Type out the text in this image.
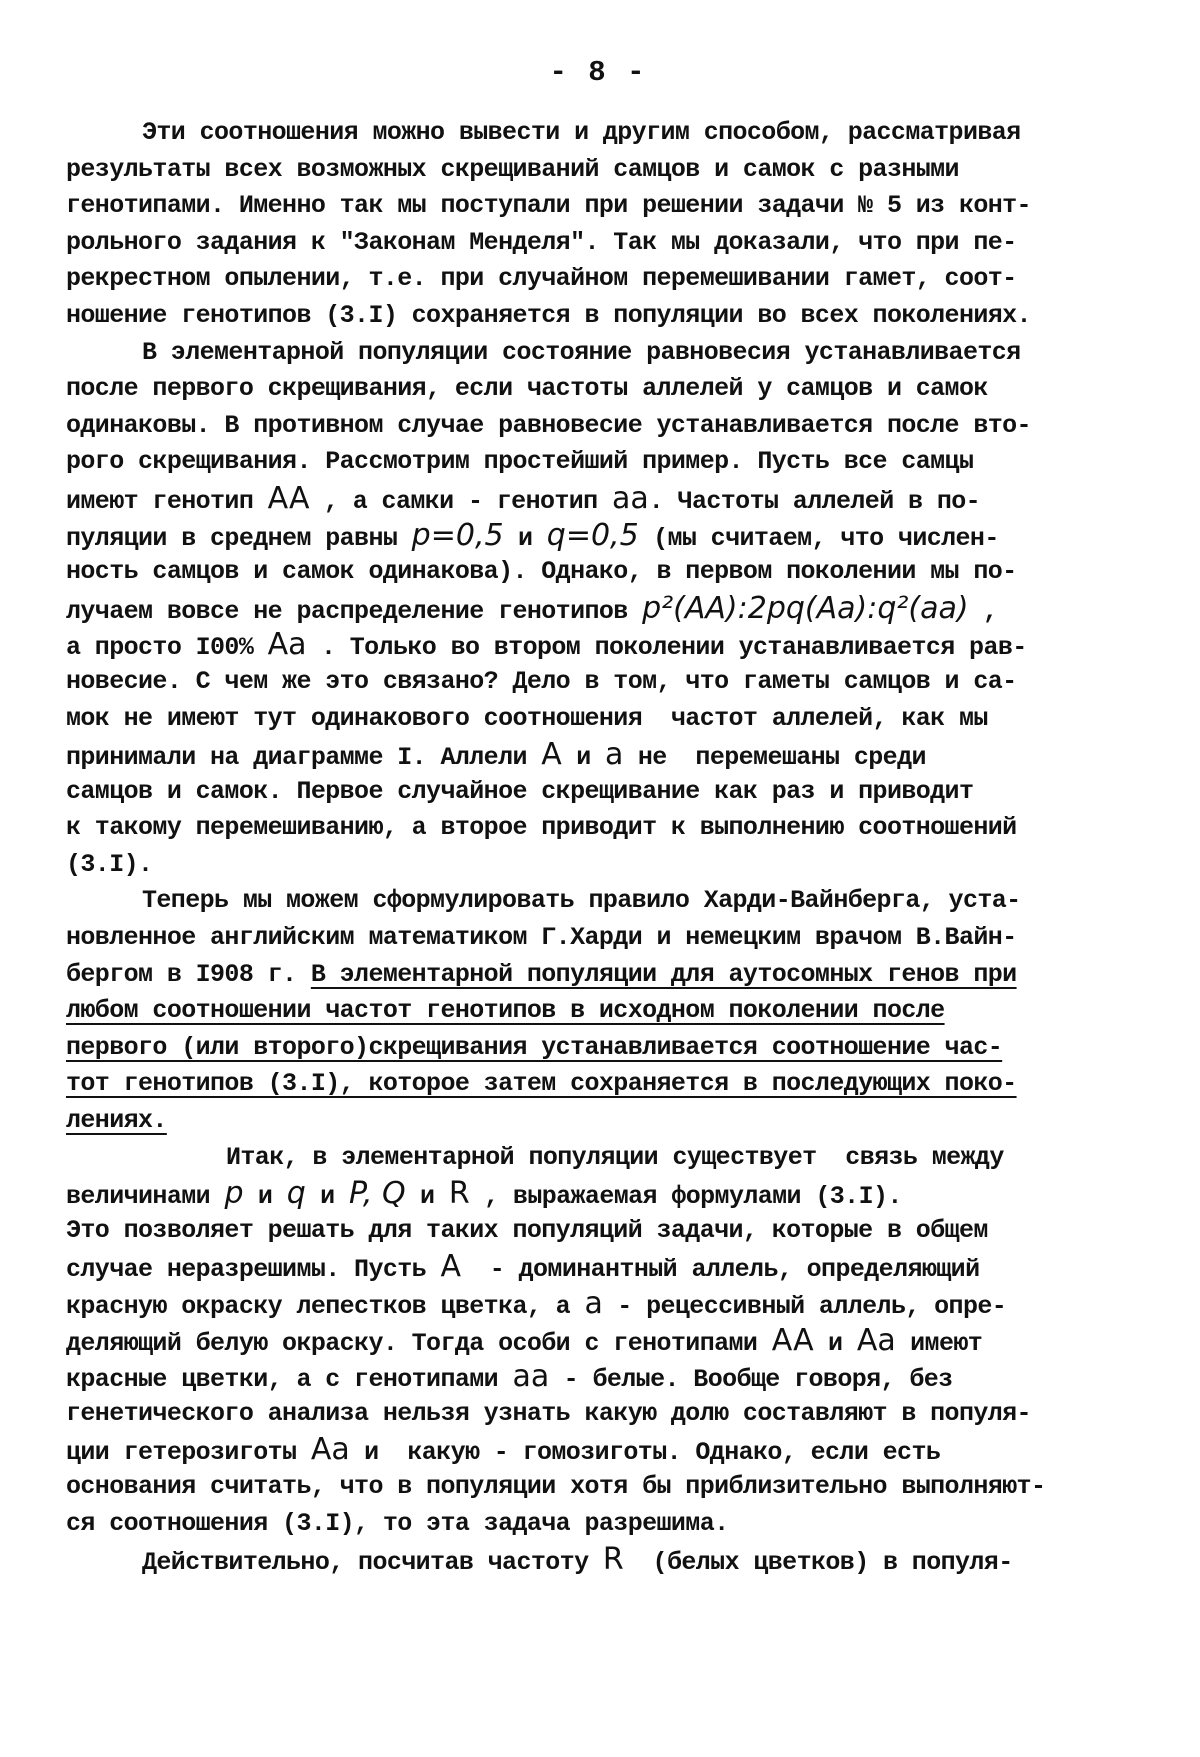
- 8 -
Эти соотношения можно вывести и другим способом, рассматривая
результаты всех возможных скрещиваний самцов и самок с разными
генотипами. Именно так мы поступали при решении задачи № 5 из конт-
рольного задания к "Законам Менделя". Так мы доказали, что при пе-
рекрестном опылении, т.е. при случайном перемешивании гамет, соот-
ношение генотипов (3.I) сохраняется в популяции во всех поколениях.
В элементарной популяции состояние равновесия устанавливается
после первого скрещивания, если частоты аллелей у самцов и самок
одинаковы. В противном случае равновесие устанавливается после вто-
рого скрещивания. Рассмотрим простейший пример. Пусть все самцы
имеют генотип AA , а самки - генотип aa. Частоты аллелей в по-
пуляции в среднем равны p=0,5 и q=0,5 (мы считаем, что числен-
ность самцов и самок одинакова). Однако, в первом поколении мы по-
лучаем вовсе не распределение генотипов p²(AA):2pq(Aa):q²(aa) ,
а просто I00% Aa . Только во втором поколении устанавливается рав-
новесие. С чем же это связано? Дело в том, что гаметы самцов и са-
мок не имеют тут одинакового соотношения  частот аллелей, как мы
принимали на диаграмме I. Аллели A и a не  перемешаны среди
самцов и самок. Первое случайное скрещивание как раз и приводит
к такому перемешиванию, а второе приводит к выполнению соотношений
(3.I).
Теперь мы можем сформулировать правило Харди-Вайнберга, уста-
новленное английским математиком Г.Харди и немецким врачом В.Вайн-
бергом в I908 г. В элементарной популяции для аутосомных генов при
любом соотношении частот генотипов в исходном поколении после
первого (или второго)скрещивания устанавливается соотношение час-
тот генотипов (3.I), которое затем сохраняется в последующих поко-
лениях.
Итак, в элементарной популяции существует  связь между
величинами p и q и P, Q и R , выражаемая формулами (3.I).
Это позволяет решать для таких популяций задачи, которые в общем
случае неразрешимы. Пусть A  - доминантный аллель, определяющий
красную окраску лепестков цветка, а a - рецессивный аллель, опре-
деляющий белую окраску. Тогда особи с генотипами AA и Aa имеют
красные цветки, а с генотипами aa - белые. Вообще говоря, без
генетического анализа нельзя узнать какую долю составляют в популя-
ции гетерозиготы Aa и  какую - гомозиготы. Однако, если есть
основания считать, что в популяции хотя бы приблизительно выполняют-
ся соотношения (3.I), то эта задача разрешима.
Действительно, посчитав частоту R  (белых цветков) в популя-
